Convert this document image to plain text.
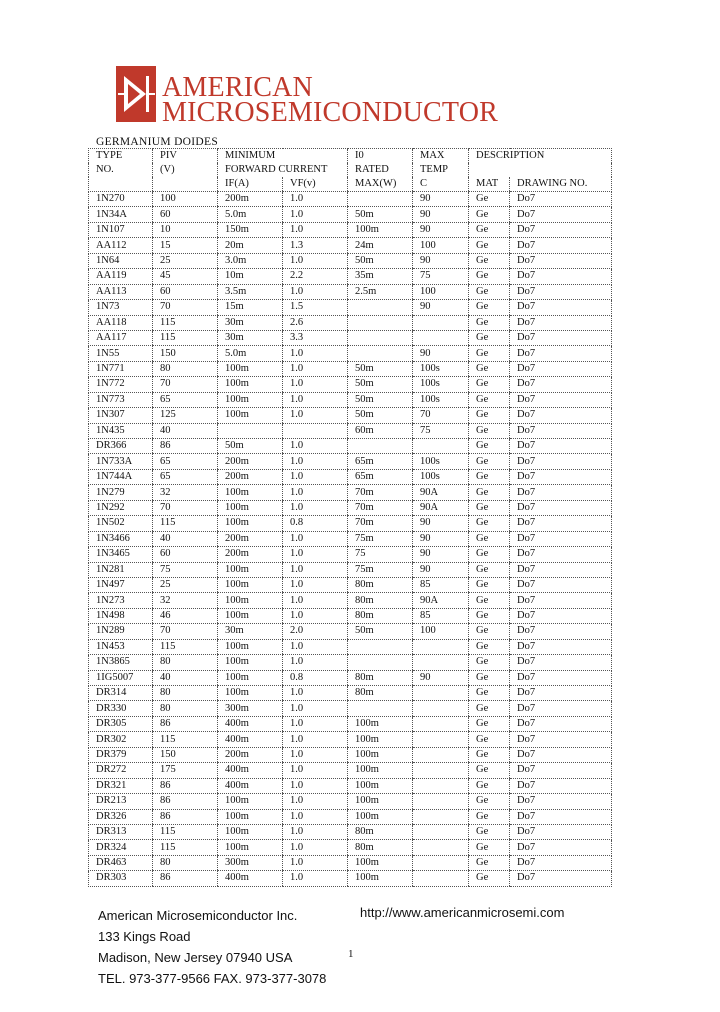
AMERICAN
MICROSEMICONDUCTOR
GERMANIUM DOIDES
TYPE	PIV	MINIMUM		I0	MAX	DESCRIPTION	
NO.	(V)	FORWARD CURRENT		RATED	TEMP		
		IF(A)	VF(v)	MAX(W)	C	MAT	DRAWING NO.
1N270	100	200m	1.0		90	Ge	Do7
1N34A	60	5.0m	1.0	50m	90	Ge	Do7
1N107	10	150m	1.0	100m	90	Ge	Do7
AA112	15	20m	1.3	24m	100	Ge	Do7
1N64	25	3.0m	1.0	50m	90	Ge	Do7
AA119	45	10m	2.2	35m	75	Ge	Do7
AA113	60	3.5m	1.0	2.5m	100	Ge	Do7
1N73	70	15m	1.5		90	Ge	Do7
AA118	115	30m	2.6			Ge	Do7
AA117	115	30m	3.3			Ge	Do7
1N55	150	5.0m	1.0		90	Ge	Do7
1N771	80	100m	1.0	50m	100s	Ge	Do7
1N772	70	100m	1.0	50m	100s	Ge	Do7
1N773	65	100m	1.0	50m	100s	Ge	Do7
1N307	125	100m	1.0	50m	70	Ge	Do7
1N435	40			60m	75	Ge	Do7
DR366	86	50m	1.0			Ge	Do7
1N733A	65	200m	1.0	65m	100s	Ge	Do7
1N744A	65	200m	1.0	65m	100s	Ge	Do7
1N279	32	100m	1.0	70m	90A	Ge	Do7
1N292	70	100m	1.0	70m	90A	Ge	Do7
1N502	115	100m	0.8	70m	90	Ge	Do7
1N3466	40	200m	1.0	75m	90	Ge	Do7
1N3465	60	200m	1.0	75	90	Ge	Do7
1N281	75	100m	1.0	75m	90	Ge	Do7
1N497	25	100m	1.0	80m	85	Ge	Do7
1N273	32	100m	1.0	80m	90A	Ge	Do7
1N498	46	100m	1.0	80m	85	Ge	Do7
1N289	70	30m	2.0	50m	100	Ge	Do7
1N453	115	100m	1.0			Ge	Do7
1N3865	80	100m	1.0			Ge	Do7
1IG5007	40	100m	0.8	80m	90	Ge	Do7
DR314	80	100m	1.0	80m		Ge	Do7
DR330	80	300m	1.0			Ge	Do7
DR305	86	400m	1.0	100m		Ge	Do7
DR302	115	400m	1.0	100m		Ge	Do7
DR379	150	200m	1.0	100m		Ge	Do7
DR272	175	400m	1.0	100m		Ge	Do7
DR321	86	400m	1.0	100m		Ge	Do7
DR213	86	100m	1.0	100m		Ge	Do7
DR326	86	100m	1.0	100m		Ge	Do7
DR313	115	100m	1.0	80m		Ge	Do7
DR324	115	100m	1.0	80m		Ge	Do7
DR463	80	300m	1.0	100m		Ge	Do7
DR303	86	400m	1.0	100m		Ge	Do7
American Microsemiconductor Inc.
133 Kings Road
Madison, New Jersey 07940 USA
TEL. 973-377-9566 FAX. 973-377-3078
http://www.americanmicrosemi.com
1
